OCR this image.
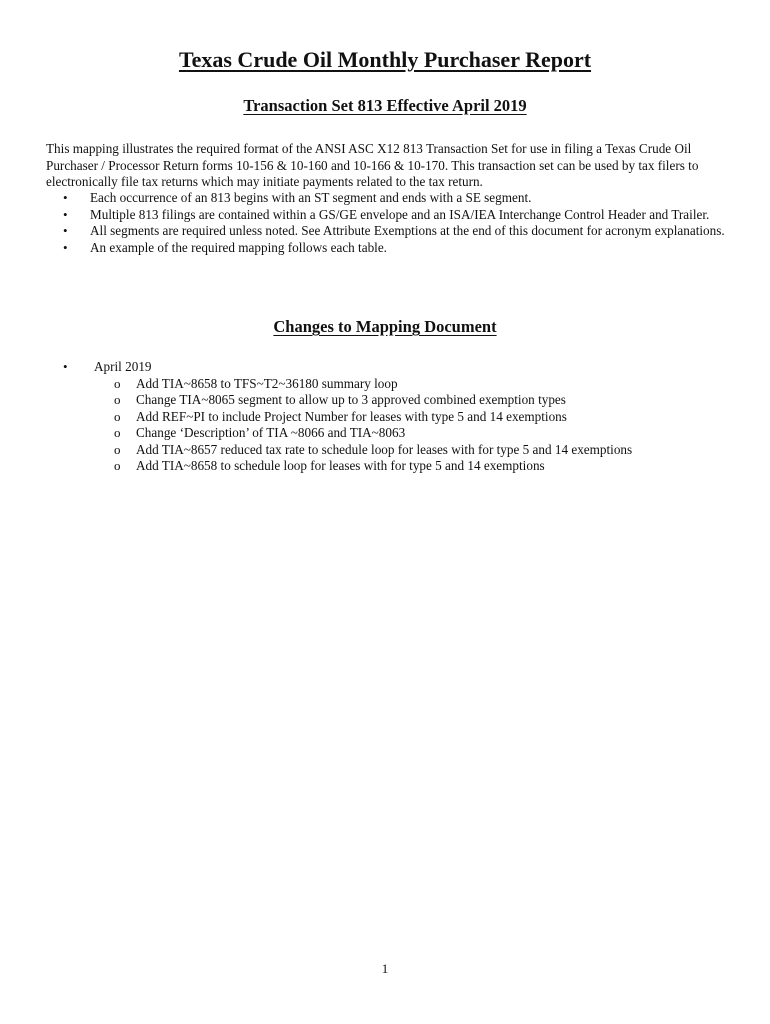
Texas Crude Oil Monthly Purchaser Report
Transaction Set 813 Effective April 2019

This mapping illustrates the required format of the ANSI ASC X12 813 Transaction Set for use in filing a Texas Crude Oil Purchaser / Processor Return forms 10-156 & 10-160 and 10-166 & 10-170. This transaction set can be used by tax filers to electronically file tax returns which may initiate payments related to the tax return.

• Each occurrence of an 813 begins with an ST segment and ends with a SE segment.
• Multiple 813 filings are contained within a GS/GE envelope and an ISA/IEA Interchange Control Header and Trailer.
• All segments are required unless noted. See Attribute Exemptions at the end of this document for acronym explanations.
• An example of the required mapping follows each table.
Changes to Mapping Document
• April 2019
o Add TIA~8658 to TFS~T2~36180 summary loop
o Change TIA~8065 segment to allow up to 3 approved combined exemption types
o Add REF~PI to include Project Number for leases with type 5 and 14 exemptions
o Change ‘Description’ of TIA ~8066 and TIA~8063
o Add TIA~8657 reduced tax rate to schedule loop for leases with for type 5 and 14 exemptions
o Add TIA~8658 to schedule loop for leases with for type 5 and 14 exemptions
1
